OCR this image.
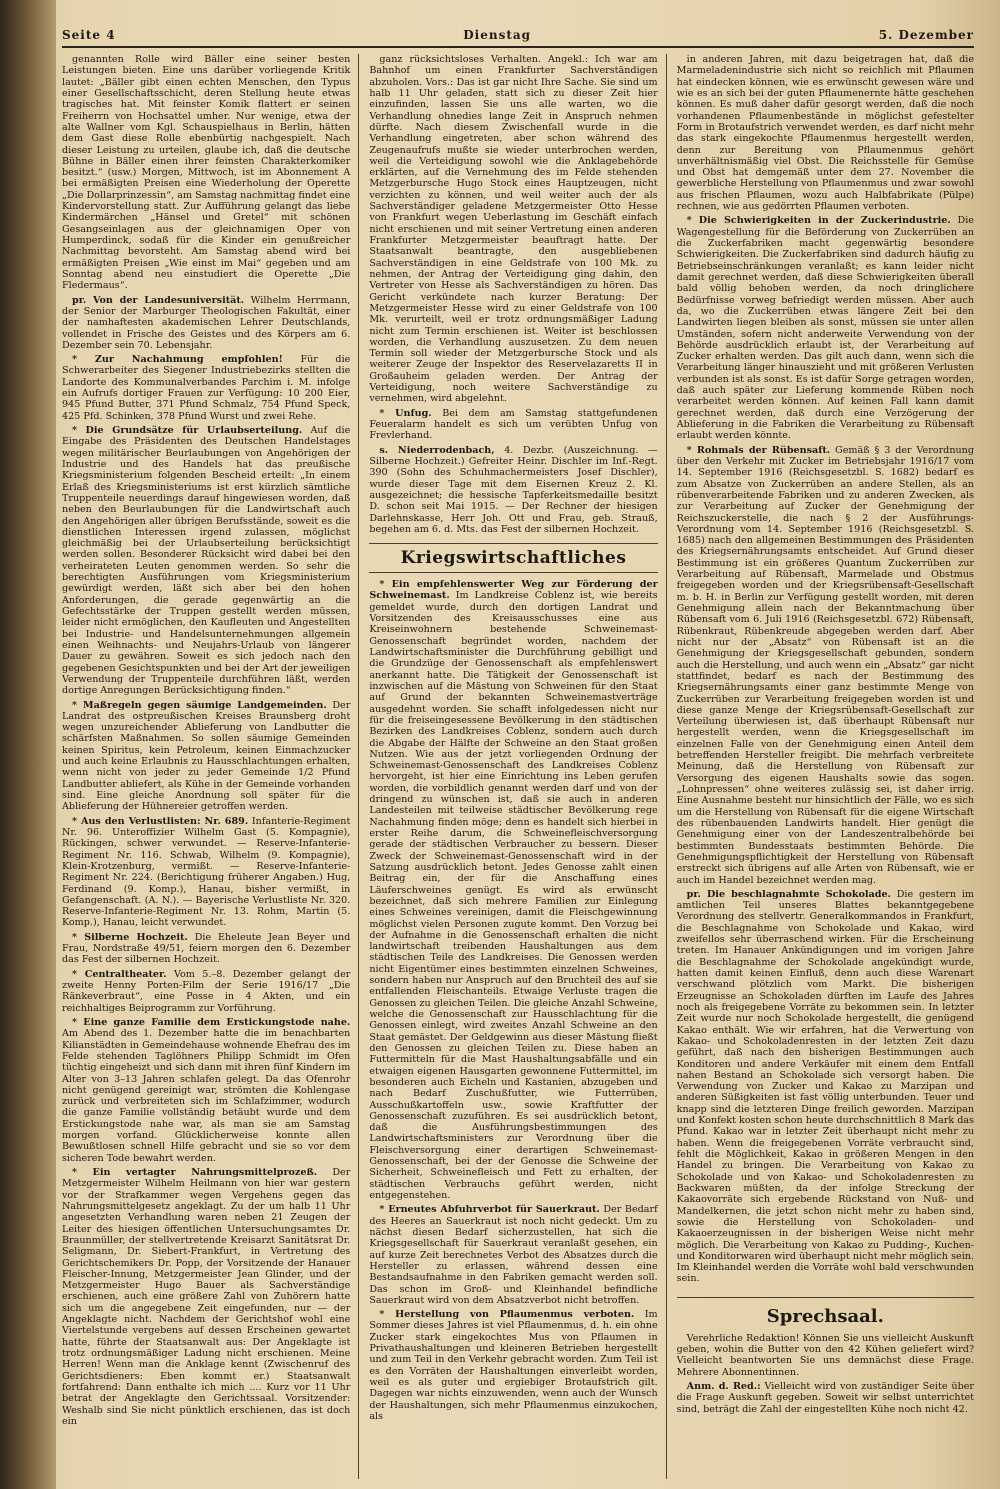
Seite 4	Dienstag	5. Dezember

genannten Rolle wird Bäller eine seiner besten Leistungen bieten. Eine uns darüber vorliegende Kritik lautet: „Bäller gibt einen echten Menschen, den Typus einer Gesellschaftsschicht, deren Stellung heute etwas tragisches hat. Mit feinster Komik flattert er seinen Freiherrn von Hochsattel umher. Nur wenige, etwa der alte Wallner vom Kgl. Schauspielhaus in Berlin, hätten dem Gast diese Rolle ebenbürtig nachgespielt. Nach dieser Leistung zu urteilen, glaube ich, daß die deutsche Bühne in Bäller einen ihrer feinsten Charakterkomiker besitzt.“ (usw.) Morgen, Mittwoch, ist im Abonnement A bei ermäßigten Preisen eine Wiederholung der Operette „Die Dollarprinzessin“, am Samstag nachmittag findet eine Kindervorstellung statt. Zur Aufführung gelangt das liebe Kindermärchen „Hänsel und Gretel“ mit schönen Gesangseinlagen aus der gleichnamigen Oper von Humperdinck, sodaß für die Kinder ein genußreicher Nachmittag bevorsteht. Am Samstag abend wird bei ermäßigten Preisen „Wie einst im Mai“ gegeben und am Sonntag abend neu einstudiert die Operette „Die Fledermaus“.

pr. Von der Landesuniversität. Wilhelm Herrmann, der Senior der Marburger Theologischen Fakultät, einer der namhaftesten akademischen Lehrer Deutschlands, vollendet in Frische des Geistes und des Körpers am 6. Dezember sein 70. Lebensjahr.

* Zur Nachahmung empfohlen! Für die Schwerarbeiter des Siegener Industriebezirks stellten die Landorte des Kommunalverbandes Parchim i. M. infolge ein Aufrufs dortiger Frauen zur Verfügung: 10 200 Eier, 945 Pfund Butter, 371 Pfund Schmalz, 754 Pfund Speck, 425 Pfd. Schinken, 378 Pfund Wurst und zwei Rehe.

* Die Grundsätze für Urlaubserteilung. Auf die Eingabe des Präsidenten des Deutschen Handelstages wegen militärischer Beurlaubungen von Angehörigen der Industrie und des Handels hat das preußische Kriegsministerium folgenden Bescheid erteilt: „In einem Erlaß des Kriegsministeriums ist erst kürzlich sämtliche Truppenteile neuerdings darauf hingewiesen worden, daß neben den Beurlaubungen für die Landwirtschaft auch den Angehörigen aller übrigen Berufsstände, soweit es die dienstlichen Interessen irgend zulassen, möglichst gleichmäßig bei der Urlaubserteilung berücksichtigt werden sollen. Besonderer Rücksicht wird dabei bei den verheirateten Leuten genommen werden. So sehr die berechtigten Ausführungen vom Kriegsministerium gewürdigt werden, läßt sich aber bei den hohen Anforderungen, die gerade gegenwärtig an die Gefechtsstärke der Truppen gestellt werden müssen, leider nicht ermöglichen, den Kaufleuten und Angestellten bei Industrie- und Handelsunternehmungen allgemein einen Weihnachts- und Neujahrs-Urlaub von längerer Dauer zu gewähren. Soweit es sich jedoch nach den gegebenen Gesichtspunkten und bei der Art der jeweiligen Verwendung der Truppenteile durchführen läßt, werden dortige Anregungen Berücksichtigung finden.“

* Maßregeln gegen säumige Landgemeinden. Der Landrat des ostpreußischen Kreises Braunsberg droht wegen unzureichender Ablieferung von Landbutter die schärfsten Maßnahmen. So sollen säumige Gemeinden keinen Spiritus, kein Petroleum, keinen Einmachzucker und auch keine Erlaubnis zu Hausschlachtungen erhalten, wenn nicht von jeder zu jeder Gemeinde 1/2 Pfund Landbutter abliefert, als Kühe in der Gemeinde vorhanden sind. Eine gleiche Anordnung soll später für die Ablieferung der Hühnereier getroffen werden.

* Aus den Verlustlisten: Nr. 689. Infanterie-Regiment Nr. 96. Unteroffizier Wilhelm Gast (5. Kompagnie), Rückingen, schwer verwundet. — Reserve-Infanterie-Regiment Nr. 116. Schwab, Wilhelm (9. Kompagnie), Klein-Krotzenburg, vermißt. — Reserve-Infanterie-Regiment Nr. 224. (Berichtigung früherer Angaben.) Hug, Ferdinand (9. Komp.), Hanau, bisher vermißt, in Gefangenschaft. (A. N.). — Bayerische Verlustliste Nr. 320. Reserve-Infanterie-Regiment Nr. 13. Rohm, Martin (5. Komp.), Hanau, leicht verwundet.

* Silberne Hochzeit. Die Eheleute Jean Beyer und Frau, Nordstraße 49/51, feiern morgen den 6. Dezember das Fest der silbernen Hochzeit.

* Centraltheater. Vom 5.–8. Dezember gelangt der zweite Henny Porten-Film der Serie 1916/17 „Die Ränkeverbraut“, eine Posse in 4 Akten, und ein reichhaltiges Beiprogramm zur Vorführung.

* Eine ganze Familie dem Erstickungstode nahe. Am Abend des 1. Dezember hatte die im benachbarten Kilianstädten in Gemeindehause wohnende Ehefrau des im Felde stehenden Taglöhners Philipp Schmidt im Ofen tüchtig eingeheizt und sich dann mit ihren fünf Kindern im Alter von 3–13 Jahren schlafen gelegt. Da das Ofenrohr nicht genügend gereinigt war, strömten die Kohlengase zurück und verbreiteten sich im Schlafzimmer, wodurch die ganze Familie vollständig betäubt wurde und dem Erstickungstode nahe war, als man sie am Samstag morgen vorfand. Glücklicherweise konnte allen Bewußtlosen schnell Hilfe gebracht und sie so vor dem sicheren Tode bewahrt werden.

* Ein vertagter Nahrungsmittelprozeß. Der Metzgermeister Wilhelm Heilmann von hier war gestern vor der Strafkammer wegen Vergehens gegen das Nahrungsmittelgesetz angeklagt. Zu der um halb 11 Uhr angesetzten Verhandlung waren neben 21 Zeugen der Leiter des hiesigen öffentlichen Untersuchungsamtes Dr. Braunmüller, der stellvertretende Kreisarzt Sanitätsrat Dr. Seligmann, Dr. Siebert-Frankfurt, in Vertretung des Gerichtschemikers Dr. Popp, der Vorsitzende der Hanauer Fleischer-Innung, Metzgermeister Jean Glinder, und der Metzgermeister Hugo Bauer als Sachverständige erschienen, auch eine größere Zahl von Zuhörern hatte sich um die angegebene Zeit eingefunden, nur — der Angeklagte nicht. Nachdem der Gerichtshof wohl eine Viertelstunde vergebens auf dessen Erscheinen gewartet hatte, führte der Staatsanwalt aus: Der Angeklagte ist trotz ordnungsmäßiger Ladung nicht erschienen. Meine Herren! Wenn man die Anklage kennt (Zwischenruf des Gerichtsdieners: Eben kommt er.) Staatsanwalt fortfahrend: Dann enthalte ich mich .... Kurz vor 11 Uhr betrat der Angeklagte den Gerichtssaal. Vorsitzender: Weshalb sind Sie nicht pünktlich erschienen, das ist doch ein

ganz rücksichtsloses Verhalten. Angekl.: Ich war am Bahnhof um einen Frankfurter Sachverständigen abzuholen. Vors.: Das ist gar nicht Ihre Sache. Sie sind um halb 11 Uhr geladen, statt sich zu dieser Zeit hier einzufinden, lassen Sie uns alle warten, wo die Verhandlung ohnedies lange Zeit in Anspruch nehmen dürfte. Nach diesem Zwischenfall wurde in die Verhandlung eingetreten, aber schon während des Zeugenaufrufs mußte sie wieder unterbrochen werden, weil die Verteidigung sowohl wie die Anklagebehörde erklärten, auf die Vernehmung des im Felde stehenden Metzgerbursche Hugo Stock eines Hauptzeugen, nicht verzichten zu können, und weil weiter auch der als Sachverständiger geladene Metzgermeister Otto Hesse von Frankfurt wegen Ueberlastung im Geschäft einfach nicht erschienen und mit seiner Vertretung einen anderen Frankfurter Metzgermeister beauftragt hatte. Der Staatsanwalt beantragte, den ausgebliebenen Sachverständigen in eine Geldstrafe von 100 Mk. zu nehmen, der Antrag der Verteidigung ging dahin, den Vertreter von Hesse als Sachverständigen zu hören. Das Gericht verkündete nach kurzer Beratung: Der Metzgermeister Hesse wird zu einer Geldstrafe von 100 Mk. verurteilt, weil er trotz ordnungsmäßiger Ladung nicht zum Termin erschienen ist. Weiter ist beschlossen worden, die Verhandlung auszusetzen. Zu dem neuen Termin soll wieder der Metzgerbursche Stock und als weiterer Zeuge der Inspektor des Reservelazaretts II in Großauheim geladen werden. Der Antrag der Verteidigung, noch weitere Sachverständige zu vernehmen, wird abgelehnt.

* Unfug. Bei dem am Samstag stattgefundenen Feueralarm handelt es sich um verübten Unfug von Frevlerhand.

s. Niederrodenbach, 4. Dezbr. (Auszeichnung. — Silberne Hochzeit.) Gefreiter Heinr. Dischler im Inf.-Regt. 390 (Sohn des Schuhmachermeisters Josef Dischler), wurde dieser Tage mit dem Eisernen Kreuz 2. Kl. ausgezeichnet; die hessische Tapferkeitsmedaille besitzt D. schon seit Mai 1915. — Der Rechner der hiesigen Darlehnskasse, Herr Joh. Ott und Frau, geb. Strauß, begehen am 6. d. Mts. das Fest der silbernen Hochzeit.

Kriegswirtschaftliches

* Ein empfehlenswerter Weg zur Förderung der Schweinemast. Im Landkreise Coblenz ist, wie bereits gemeldet wurde, durch den dortigen Landrat und Vorsitzenden des Kreisausschusses eine aus Kreiseinwohnern bestehende Schweinemast-Genossenschaft begründet worden, nachdem der Landwirtschaftsminister die Durchführung gebilligt und die Grundzüge der Genossenschaft als empfehlenswert anerkannt hatte. Die Tätigkeit der Genossenschaft ist inzwischen auf die Mästung von Schweinen für den Staat auf Grund der bekannten Schweinemastverträge ausgedehnt worden. Sie schafft infolgedessen nicht nur für die freiseingesessene Bevölkerung in den städtischen Bezirken des Landkreises Coblenz, sondern auch durch die Abgabe der Hälfte der Schweine an den Staat großen Nutzen. Wie aus der jetzt vorliegenden Ordnung der Schweinemast-Genossenschaft des Landkreises Coblenz hervorgeht, ist hier eine Einrichtung ins Leben gerufen worden, die vorbildlich genannt werden darf und von der dringend zu wünschen ist, daß sie auch in anderen Landesteilen mit teilweise städtischer Bevölkerung rege Nachahmung finden möge; denn es handelt sich hierbei in erster Reihe darum, die Schweinefleischversorgung gerade der städtischen Verbraucher zu bessern. Dieser Zweck der Schweinemast-Genossenschaft wird in der Satzung ausdrücklich betont. Jedes Genosse zahlt einen Beitrag ein, der für die Anschaffung eines Läuferschweines genügt. Es wird als erwünscht bezeichnet, daß sich mehrere Familien zur Einlegung eines Schweines vereinigen, damit die Fleischgewinnung möglichst vielen Personen zugute kommt. Den Vorzug bei der Aufnahme in die Genossenschaft erhalten die nicht landwirtschaft treibenden Haushaltungen aus dem städtischen Teile des Landkreises. Die Genossen werden nicht Eigentümer eines bestimmten einzelnen Schweines, sondern haben nur Anspruch auf den Bruchteil des auf sie entfallenden Fleischanteils. Etwaige Verluste tragen die Genossen zu gleichen Teilen. Die gleiche Anzahl Schweine, welche die Genossenschaft zur Hausschlachtung für die Genossen einlegt, wird zweites Anzahl Schweine an den Staat gemästet. Der Geldgewinn aus dieser Mästung fließt den Genossen zu gleichen Teilen zu. Diese haben an Futtermitteln für die Mast Haushaltungsabfälle und ein etwaigen eigenen Hausgarten gewonnene Futtermittel, im besonderen auch Eicheln und Kastanien, abzugeben und nach Bedarf Zuschußfutter, wie Futterrüben, Ausschußkartoffeln usw., sowie Kraftfutter der Genossenschaft zuzuführen. Es sei ausdrücklich betont, daß die Ausführungsbestimmungen des Landwirtschaftsministers zur Verordnung über die Fleischversorgung einer derartigen Schweinemast-Genossenschaft, bei der der Genosse die Schweine der Sicherheit, Schweinefleisch und Fett zu erhalten, der städtischen Verbrauchs geführt werden, nicht entgegenstehen.

* Erneutes Abfuhrverbot für Sauerkraut. Der Bedarf des Heeres an Sauerkraut ist noch nicht gedeckt. Um zu nächst diesen Bedarf sicherzustellen, hat sich die Kriegsgesellschaft für Sauerkraut veranlaßt gesehen, ein auf kurze Zeit berechnetes Verbot des Absatzes durch die Hersteller zu erlassen, während dessen eine Bestandsaufnahme in den Fabriken gemacht werden soll. Das schon im Groß- und Kleinhandel befindliche Sauerkraut wird von dem Absatzverbot nicht betroffen.

* Herstellung von Pflaumenmus verboten. Im Sommer dieses Jahres ist viel Pflaumenmus, d. h. ein ohne Zucker stark eingekochtes Mus von Pflaumen in Privathaushaltungen und kleineren Betrieben hergestellt und zum Teil in den Verkehr gebracht worden. Zum Teil ist es den Vorräten der Haushaltungen einverleibt worden, weil es als guter und ergiebiger Brotaufstrich gilt. Dagegen war nichts einzuwenden, wenn auch der Wunsch der Haushaltungen, sich mehr Pflaumenmus einzukochen, als

in anderen Jahren, mit dazu beigetragen hat, daß die Marmeladenindustrie sich nicht so reichlich mit Pflaumen hat eindecken können, wie es erwünscht gewesen wäre und wie es an sich bei der guten Pflaumenernte hätte geschehen können. Es muß daher dafür gesorgt werden, daß die noch vorhandenen Pflaumenbestände in möglichst gefestelter Form in Brotaufstrich verwendet werden, es darf nicht mehr das stark eingekochte Pflaumenmus hergestellt werden, denn zur Bereitung von Pflaumenmus gehört unverhältnismäßig viel Obst. Die Reichsstelle für Gemüse und Obst hat demgemäß unter dem 27. November die gewerbliche Herstellung von Pflaumenmus und zwar sowohl aus frischen Pflaumen, wozu auch Halbfabrikate (Pülpe) rechnen, wie aus gedörrten Pflaumen verboten.

* Die Schwierigkeiten in der Zuckerindustrie. Die Wagengestellung für die Beförderung von Zuckerrüben an die Zuckerfabriken macht gegenwärtig besondere Schwierigkeiten. Die Zuckerfabriken sind dadurch häufig zu Betriebseinschränkungen veranlaßt; es kann leider nicht damit gerechnet werden, daß diese Schwierigkeiten überall bald völlig behoben werden, da noch dringlichere Bedürfnisse vorweg befriedigt werden müssen. Aber auch da, wo die Zuckerrüben etwas längere Zeit bei den Landwirten liegen bleiben als sonst, müssen sie unter allen Umständen, sofern nicht anderweite Verwendung von der Behörde ausdrücklich erlaubt ist, der Verarbeitung auf Zucker erhalten werden. Das gilt auch dann, wenn sich die Verarbeitung länger hinauszieht und mit größeren Verlusten verbunden ist als sonst. Es ist dafür Sorge getragen worden, daß auch später zur Lieferung kommende Rüben noch verarbeitet werden können. Auf keinen Fall kann damit gerechnet werden, daß durch eine Verzögerung der Ablieferung in die Fabriken die Verarbeitung zu Rübensaft erlaubt werden könnte.

* Rohmals der Rübensaft. Gemäß § 3 der Verordnung über den Verkehr mit Zucker im Betriebsjahr 1916/17 vom 14. September 1916 (Reichsgesetzbl. S. 1682) bedarf es zum Absatze von Zuckerrüben an andere Stellen, als an rübenverarbeitende Fabriken und zu anderen Zwecken, als zur Verarbeitung auf Zucker der Genehmigung der Reichszuckerstelle, die nach § 2 der Ausführungs-Verordnung vom 14. September 1916 (Reichsgesetzbl. S. 1685) nach den allgemeinen Bestimmungen des Präsidenten des Kriegsernährungsamts entscheidet. Auf Grund dieser Bestimmung ist ein größeres Quantum Zuckerrüben zur Verarbeitung auf Rübensaft, Marmelade und Obstmus freigegeben worden und der Kriegsrübensaft-Gesellschaft m. b. H. in Berlin zur Verfügung gestellt worden, mit deren Genehmigung allein nach der Bekanntmachung über Rübensaft vom 6. Juli 1916 (Reichsgesetzbl. 672) Rübensaft, Rübenkraut, Rübenkreude abgegeben werden darf. Aber nicht nur der „Absatz“ von Rübensaft ist an die Genehmigung der Kriegsgesellschaft gebunden, sondern auch die Herstellung, und auch wenn ein „Absatz“ gar nicht stattfindet, bedarf es nach der Bestimmung des Kriegsernährungsamts einer ganz bestimmte Menge von Zuckerrüben zur Verarbeitung freigegeben worden ist und diese ganze Menge der Kriegsrübensaft-Gesellschaft zur Verteilung überwiesen ist, daß überhaupt Rübensaft nur hergestellt werden, wenn die Kriegsgesellschaft im einzelnen Falle von der Genehmigung einen Anteil dem betreffenden Hersteller freigibt. Die mehrfach verbreitete Meinung, daß die Herstellung von Rübensaft zur Versorgung des eigenen Haushalts sowie das sogen. „Lohnpressen“ ohne weiteres zulässig sei, ist daher irrig. Eine Ausnahme besteht nur hinsichtlich der Fälle, wo es sich um die Herstellung von Rübensaft für die eigene Wirtschaft des rübenbauenden Landwirts handelt. Hier genügt die Genehmigung einer von der Landeszentralbehörde bei bestimmten Bundesstaats bestimmten Behörde. Die Genehmigungspflichtigkeit der Herstellung von Rübensaft erstreckt sich übrigens auf alle Arten von Rübensaft, wie er auch im Handel bezeichnet werden mag.

pr. Die beschlagnahmte Schokolade. Die gestern im amtlichen Teil unseres Blattes bekanntgegebene Verordnung des stellvertr. Generalkommandos in Frankfurt, die Beschlagnahme von Schokolade und Kakao, wird zweifellos sehr überraschend wirken. Für die Erscheinung treten. Im Hanauer Ankündigungen und im vorigen Jahre die Beschlagnahme der Schokolade angekündigt wurde, hatten damit keinen Einfluß, denn auch diese Warenart verschwand plötzlich vom Markt. Die bisherigen Erzeugnisse an Schokoladen dürften im Laufe des Jahres noch als freigegebene Vorräte zu bekommen sein. In letzter Zeit wurde nur noch Schokolade hergestellt, die genügend Kakao enthält. Wie wir erfahren, hat die Verwertung von Kakao- und Schokoladenresten in der letzten Zeit dazu geführt, daß nach den bisherigen Bestimmungen auch Konditoren und andere Verkäufer mit einem dem Entfall nahen Bestand an Schokolade sich versorgt haben. Die Verwendung von Zucker und Kakao zu Marzipan und anderen Süßigkeiten ist fast völlig unterbunden. Teuer und knapp sind die letzteren Dinge freilich geworden. Marzipan und Konfekt kosten schon heute durchschnittlich 8 Mark das Pfund. Kakao war in letzter Zeit überhaupt nicht mehr zu haben. Wenn die freigegebenen Vorräte verbraucht sind, fehlt die Möglichkeit, Kakao in größeren Mengen in den Handel zu bringen. Die Verarbeitung von Kakao zu Schokolade und von Kakao- und Schokoladenresten zu Backwaren müßten, da der infolge Streckung der Kakaovorräte sich ergebende Rückstand von Nuß- und Mandelkernen, die jetzt schon nicht mehr zu haben sind, sowie die Herstellung von Schokoladen- und Kakaoerzeugnissen in der bisherigen Weise nicht mehr möglich. Die Verarbeitung von Kakao zu Pudding-, Kuchen- und Konditorwaren wird überhaupt nicht mehr möglich sein. Im Kleinhandel werden die Vorräte wohl bald verschwunden sein.

Sprechsaal.

Verehrliche Redaktion! Können Sie uns vielleicht Auskunft geben, wohin die Butter von den 42 Kühen geliefert wird? Vielleicht beantworten Sie uns demnächst diese Frage. Mehrere Abonnentinnen.

Anm. d. Red.: Vielleicht wird von zuständiger Seite über die Frage Auskunft gegeben. Soweit wir selbst unterrichtet sind, beträgt die Zahl der eingestellten Kühe noch nicht 42.
